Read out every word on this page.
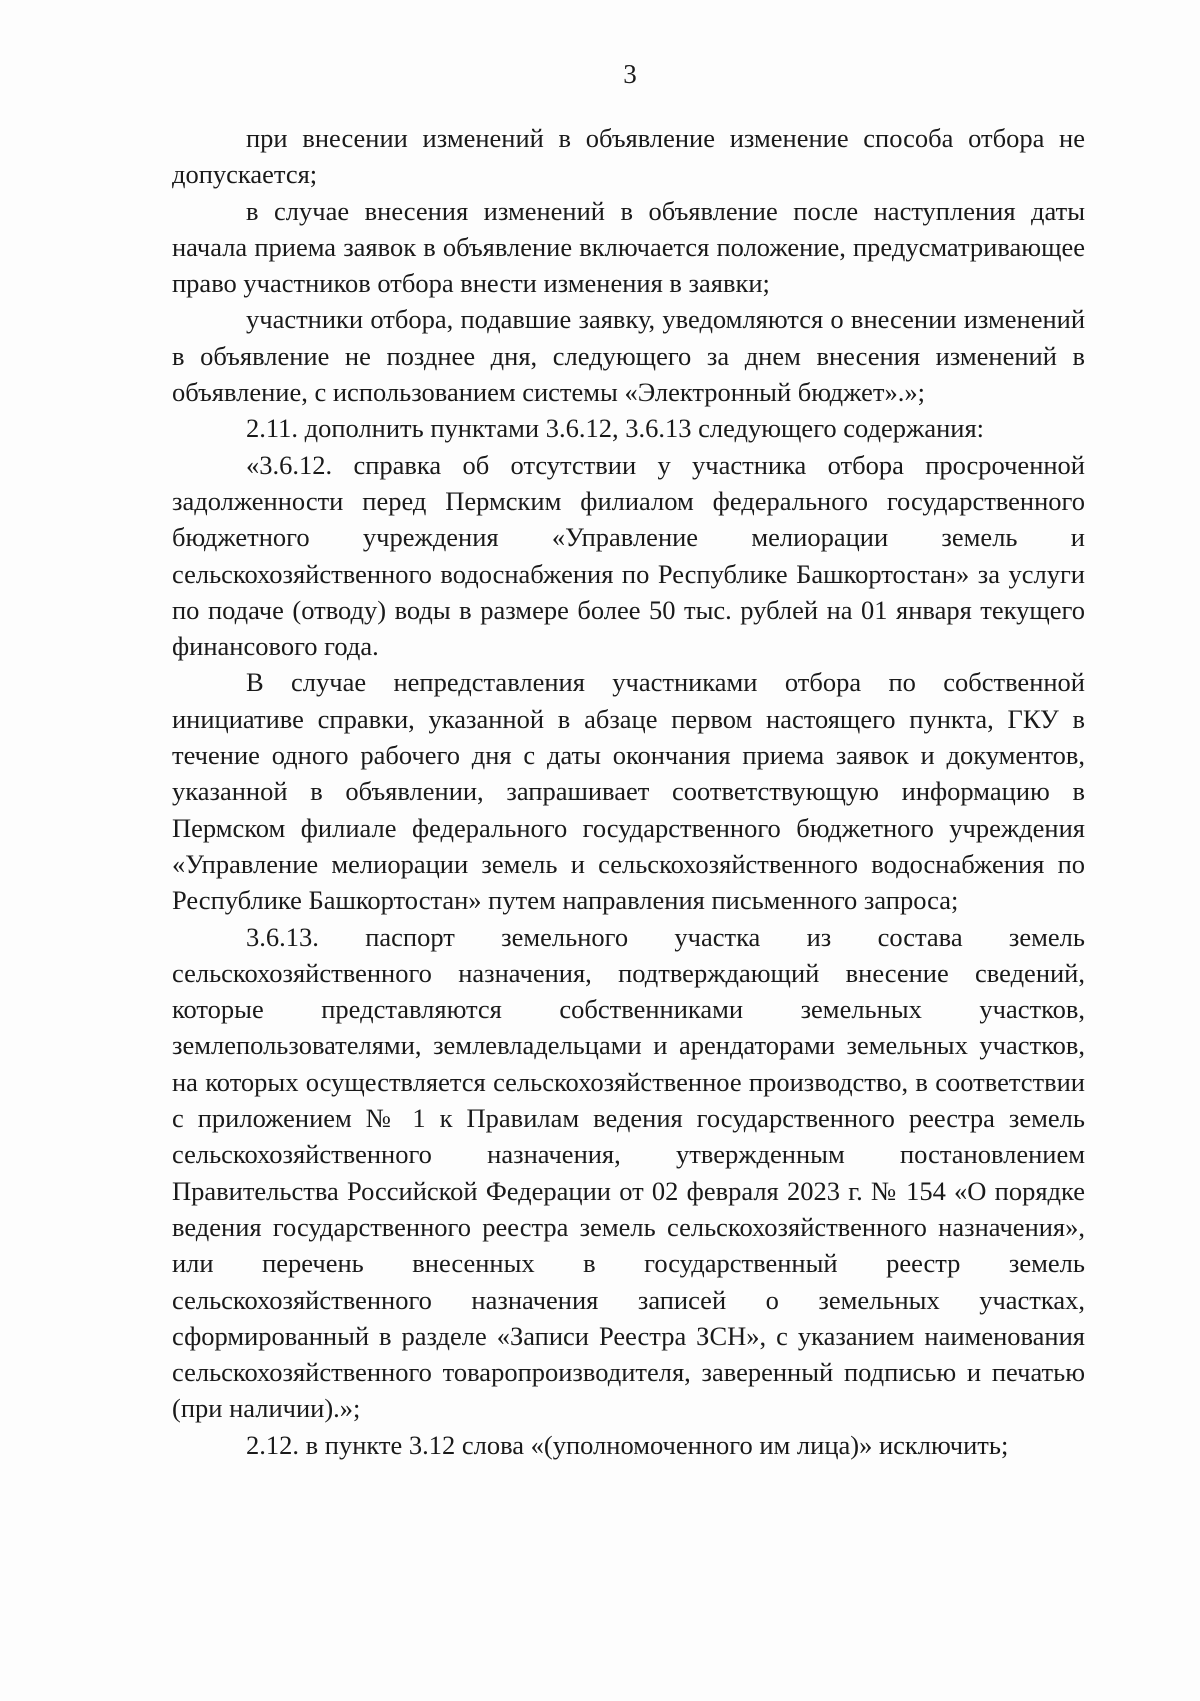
3

при внесении изменений в объявление изменение способа отбора не допускается;

в случае внесения изменений в объявление после наступления даты начала приема заявок в объявление включается положение, предусматривающее право участников отбора внести изменения в заявки;

участники отбора, подавшие заявку, уведомляются о внесении изменений в объявление не позднее дня, следующего за днем внесения изменений в объявление, с использованием системы «Электронный бюджет».»;

2.11. дополнить пунктами 3.6.12, 3.6.13 следующего содержания:

«3.6.12. справка об отсутствии у участника отбора просроченной задолженности перед Пермским филиалом федерального государственного бюджетного учреждения «Управление мелиорации земель и сельскохозяйственного водоснабжения по Республике Башкортостан» за услуги по подаче (отводу) воды в размере более 50 тыс. рублей на 01 января текущего финансового года.

В случае непредставления участниками отбора по собственной инициативе справки, указанной в абзаце первом настоящего пункта, ГКУ в течение одного рабочего дня с даты окончания приема заявок и документов, указанной в объявлении, запрашивает соответствующую информацию в Пермском филиале федерального государственного бюджетного учреждения «Управление мелиорации земель и сельскохозяйственного водоснабжения по Республике Башкортостан» путем направления письменного запроса;

3.6.13. паспорт земельного участка из состава земель сельскохозяйственного назначения, подтверждающий внесение сведений, которые представляются собственниками земельных участков, землепользователями, землевладельцами и арендаторами земельных участков, на которых осуществляется сельскохозяйственное производство, в соответствии с приложением № 1 к Правилам ведения государственного реестра земель сельскохозяйственного назначения, утвержденным постановлением Правительства Российской Федерации от 02 февраля 2023 г. № 154 «О порядке ведения государственного реестра земель сельскохозяйственного назначения», или перечень внесенных в государственный реестр земель сельскохозяйственного назначения записей о земельных участках, сформированный в разделе «Записи Реестра ЗСН», с указанием наименования сельскохозяйственного товаропроизводителя, заверенный подписью и печатью (при наличии).»;

2.12. в пункте 3.12 слова «(уполномоченного им лица)» исключить;
